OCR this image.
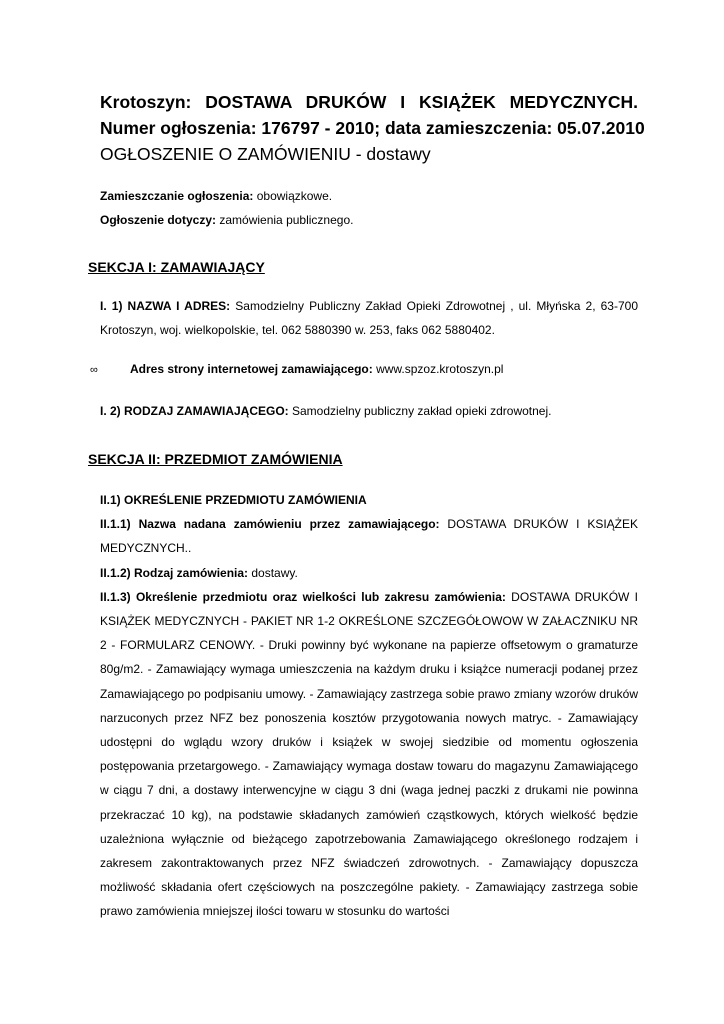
Krotoszyn: DOSTAWA DRUKÓW I KSIĄŻEK MEDYCZNYCH.
Numer ogłoszenia: 176797 - 2010; data zamieszczenia: 05.07.2010
OGŁOSZENIE O ZAMÓWIENIU - dostawy
Zamieszczanie ogłoszenia: obowiązkowe.
Ogłoszenie dotyczy: zamówienia publicznego.
SEKCJA I: ZAMAWIAJĄCY
I. 1) NAZWA I ADRES: Samodzielny Publiczny Zakład Opieki Zdrowotnej , ul. Młyńska 2, 63-700 Krotoszyn, woj. wielkopolskie, tel. 062 5880390 w. 253, faks 062 5880402.
∞	Adres strony internetowej zamawiającego: www.spzoz.krotoszyn.pl
I. 2) RODZAJ ZAMAWIAJĄCEGO: Samodzielny publiczny zakład opieki zdrowotnej.
SEKCJA II: PRZEDMIOT ZAMÓWIENIA
II.1) OKREŚLENIE PRZEDMIOTU ZAMÓWIENIA
II.1.1) Nazwa nadana zamówieniu przez zamawiającego: DOSTAWA DRUKÓW I KSIĄŻEK MEDYCZNYCH..
II.1.2) Rodzaj zamówienia: dostawy.
II.1.3) Określenie przedmiotu oraz wielkości lub zakresu zamówienia: DOSTAWA DRUKÓW I KSIĄŻEK MEDYCZNYCH - PAKIET NR 1-2 OKREŚLONE SZCZEGÓŁOWOW W ZAŁACZNIKU NR 2 - FORMULARZ CENOWY. - Druki powinny być wykonane na papierze offsetowym o gramaturze 80g/m2. - Zamawiający wymaga umieszczenia na każdym druku i książce numeracji podanej przez Zamawiającego po podpisaniu umowy. - Zamawiający zastrzega sobie prawo zmiany wzorów druków narzuconych przez NFZ bez ponoszenia kosztów przygotowania nowych matryc. - Zamawiający udostępni do wglądu wzory druków i książek w swojej siedzibie od momentu ogłoszenia postępowania przetargowego. - Zamawiający wymaga dostaw towaru do magazynu Zamawiającego w ciągu 7 dni, a dostawy interwencyjne w ciągu 3 dni (waga jednej paczki z drukami nie powinna przekraczać 10 kg), na podstawie składanych zamówień cząstkowych, których wielkość będzie uzależniona wyłącznie od bieżącego zapotrzebowania Zamawiającego określonego rodzajem i zakresem zakontraktowanych przez NFZ świadczeń zdrowotnych. - Zamawiający dopuszcza możliwość składania ofert częściowych na poszczególne pakiety. - Zamawiający zastrzega sobie prawo zamówienia mniejszej ilości towaru w stosunku do wartości
